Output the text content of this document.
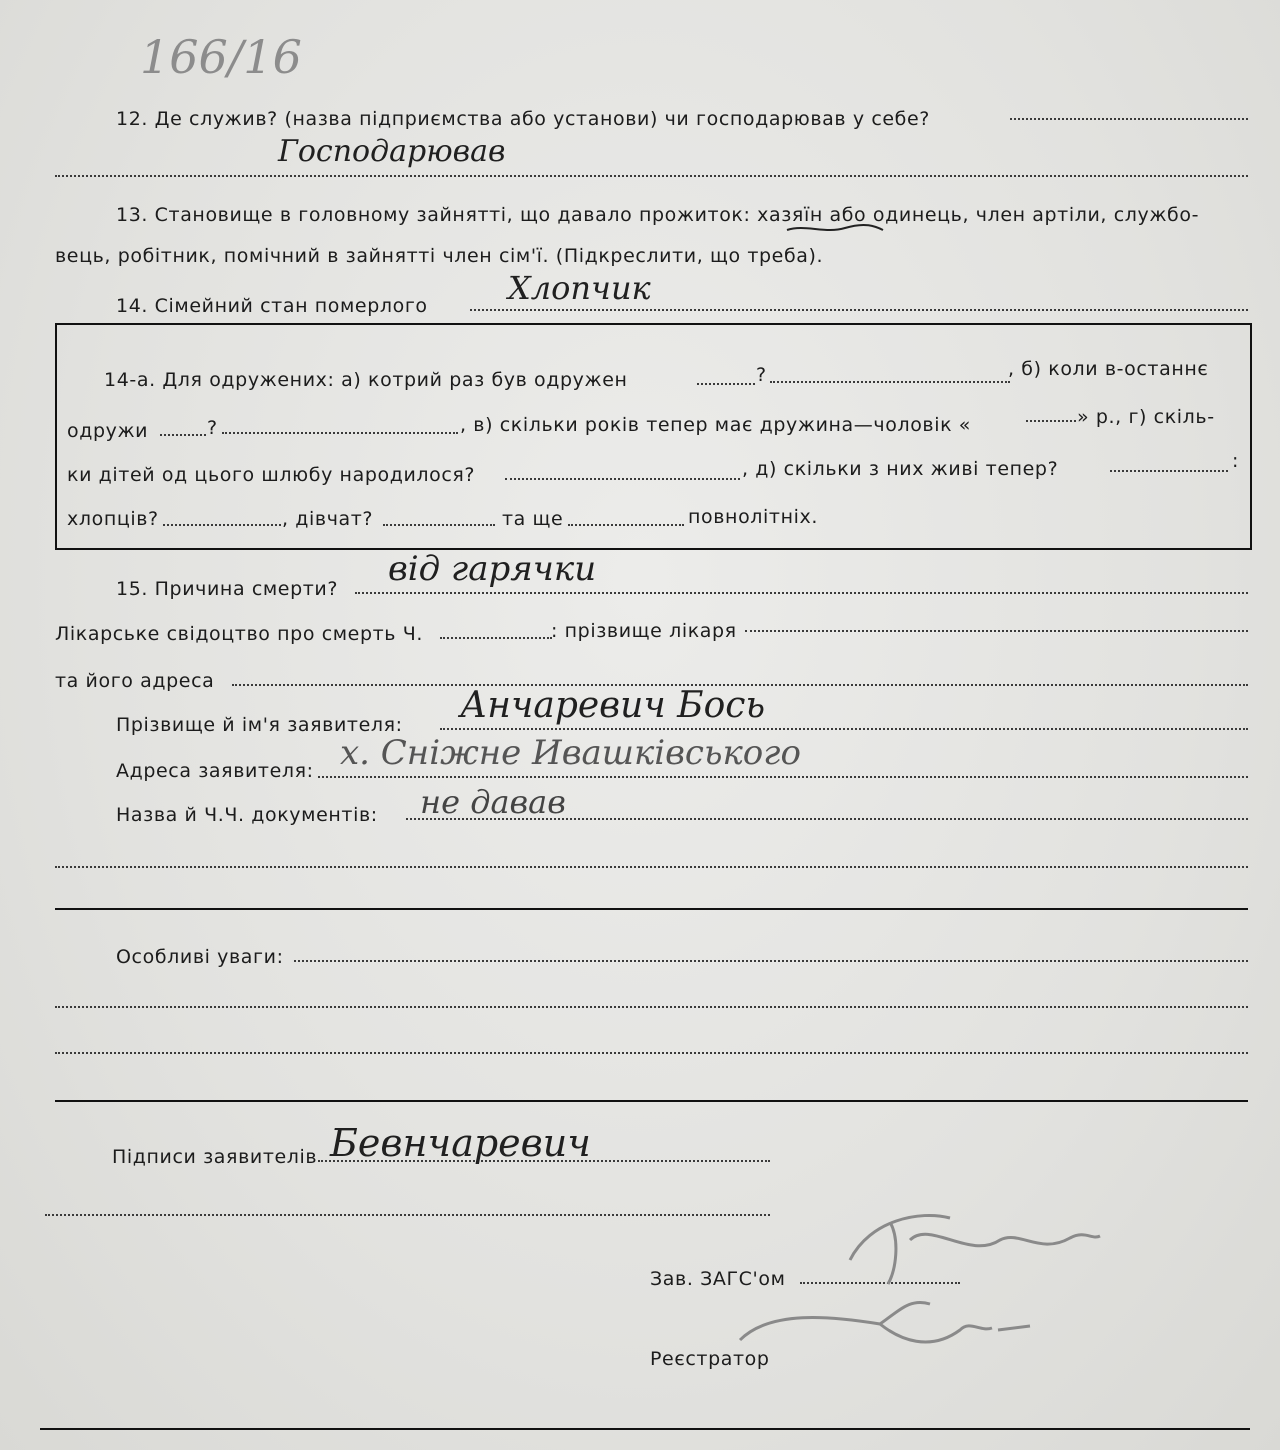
166/16
12. Де служив? (назва підприємства або установи) чи господарював у себе?
Господарював
13. Становище в головному зайнятті, що давало прожиток: хазяїн або одинець, член артіли, службо-
вець, робітник, помічний в зайнятті член сім'ї. (Підкреслити, що треба).
14. Сімейний стан померлого	Хлопчик
14-а. Для одружених: а) котрий раз був одружен	?	, б) коли в-останнє
одружи	?	, в) скільки років тепер має дружина—чоловік «	» р., г) скіль-
ки дітей од цього шлюбу народилося?	, д) скільки з них живі тепер?	:
хлопців?	, дівчат?	та ще	повнолітніх.
15. Причина смерти? від гарячки
Лікарське свідоцтво про смерть Ч.	: прізвище лікаря
та його адреса
Прізвище й ім'я заявителя: Анчаревич Бось
Адреса заявителя: х. Сніжне Ивашківського
Назва й Ч.Ч. документів: не давав
Особливі уваги:
Підписи заявителів Бевнчаревич
Зав. ЗАГС'ом
Реєстратор
